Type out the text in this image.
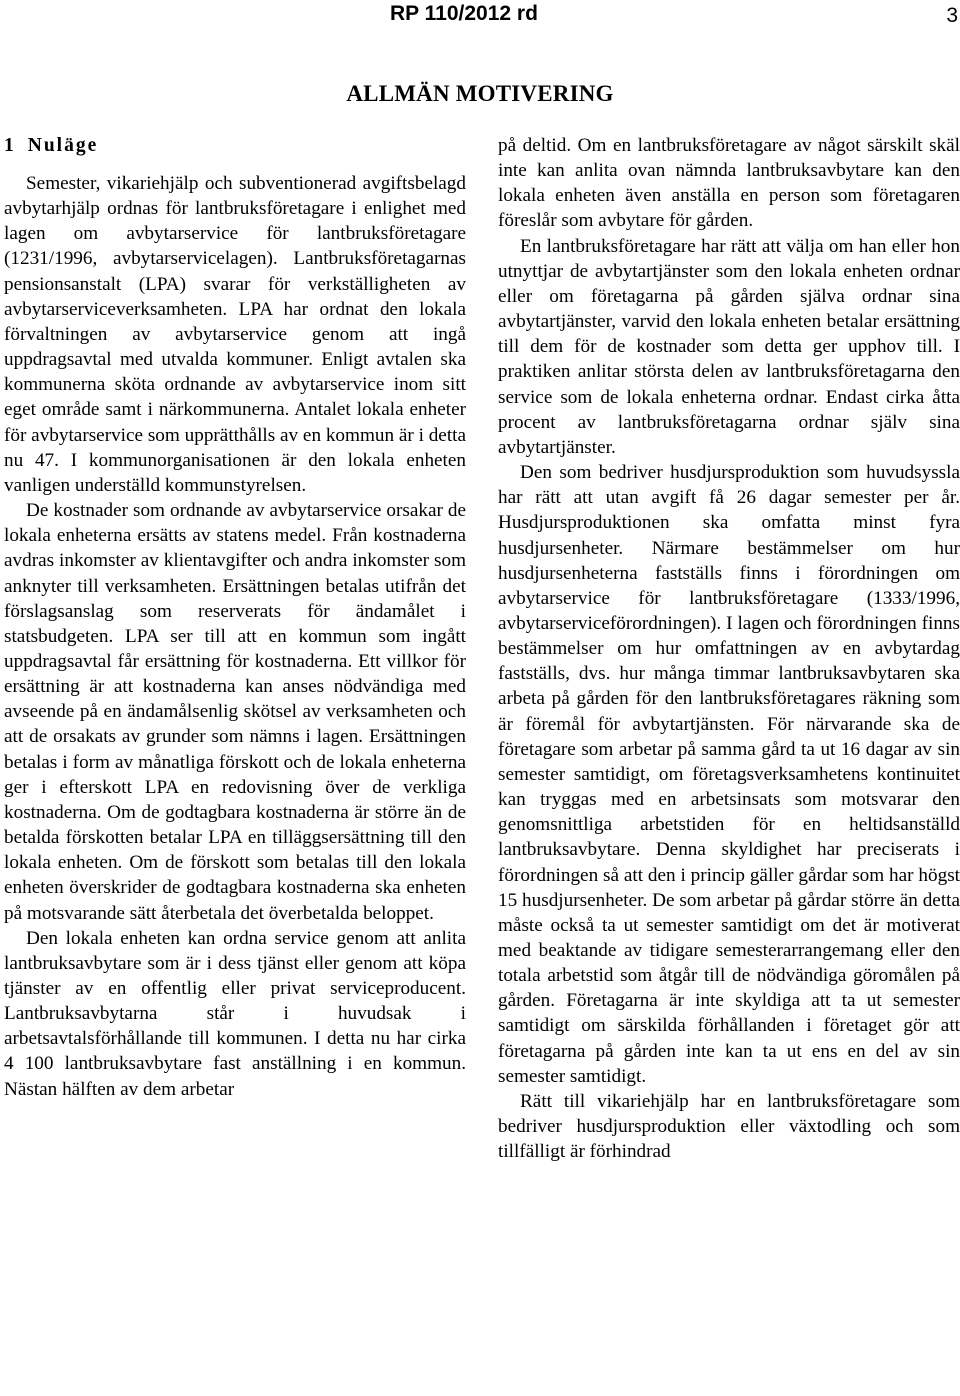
RP 110/2012 rd	3
ALLMÄN MOTIVERING
1 Nuläge

Semester, vikariehjälp och subventionerad avgiftsbelagd avbytarhjälp ordnas för lantbruksföretagare i enlighet med lagen om avbytarservice för lantbruksföretagare (1231/1996, avbytarservicelagen). Lantbruksföretagarnas pensionsanstalt (LPA) svarar för verkställigheten av avbytarserviceverksamheten. LPA har ordnat den lokala förvaltningen av avbytarservice genom att ingå uppdragsavtal med utvalda kommuner. Enligt avtalen ska kommunerna sköta ordnande av avbytarservice inom sitt eget område samt i närkommunerna. Antalet lokala enheter för avbytarservice som upprätthålls av en kommun är i detta nu 47. I kommunorganisationen är den lokala enheten vanligen underställd kommunstyrelsen.

De kostnader som ordnande av avbytarservice orsakar de lokala enheterna ersätts av statens medel. Från kostnaderna avdras inkomster av klientavgifter och andra inkomster som anknyter till verksamheten. Ersättningen betalas utifrån det förslagsanslag som reserverats för ändamålet i statsbudgeten. LPA ser till att en kommun som ingått uppdragsavtal får ersättning för kostnaderna. Ett villkor för ersättning är att kostnaderna kan anses nödvändiga med avseende på en ändamålsenlig skötsel av verksamheten och att de orsakats av grunder som nämns i lagen. Ersättningen betalas i form av månatliga förskott och de lokala enheterna ger i efterskott LPA en redovisning över de verkliga kostnaderna. Om de godtagbara kostnaderna är större än de betalda förskotten betalar LPA en tilläggsersättning till den lokala enheten. Om de förskott som betalas till den lokala enheten överskrider de godtagbara kostnaderna ska enheten på motsvarande sätt återbetala det överbetalda beloppet.

Den lokala enheten kan ordna service genom att anlita lantbruksavbytare som är i dess tjänst eller genom att köpa tjänster av en offentlig eller privat serviceproducent. Lantbruksavbytarna står i huvudsak i arbetsavtalsförhållande till kommunen. I detta nu har cirka 4 100 lantbruksavbytare fast anställning i en kommun. Nästan hälften av dem arbetar

på deltid. Om en lantbruksföretagare av något särskilt skäl inte kan anlita ovan nämnda lantbruksavbytare kan den lokala enheten även anställa en person som företagaren föreslår som avbytare för gården.

En lantbruksföretagare har rätt att välja om han eller hon utnyttjar de avbytartjänster som den lokala enheten ordnar eller om företagarna på gården själva ordnar sina avbytartjänster, varvid den lokala enheten betalar ersättning till dem för de kostnader som detta ger upphov till. I praktiken anlitar största delen av lantbruksföretagarna den service som de lokala enheterna ordnar. Endast cirka åtta procent av lantbruksföretagarna ordnar själv sina avbytartjänster.

Den som bedriver husdjursproduktion som huvudsyssla har rätt att utan avgift få 26 dagar semester per år. Husdjursproduktionen ska omfatta minst fyra husdjursenheter. Närmare bestämmelser om hur husdjursenheterna fastställs finns i förordningen om avbytarservice för lantbruksföretagare (1333/1996, avbytarserviceförordningen). I lagen och förordningen finns bestämmelser om hur omfattningen av en avbytardag fastställs, dvs. hur många timmar lantbruksavbytaren ska arbeta på gården för den lantbruksföretagares räkning som är föremål för avbytartjänsten. För närvarande ska de företagare som arbetar på samma gård ta ut 16 dagar av sin semester samtidigt, om företagsverksamhetens kontinuitet kan tryggas med en arbetsinsats som motsvarar den genomsnittliga arbetstiden för en heltidsanställd lantbruksavbytare. Denna skyldighet har preciserats i förordningen så att den i princip gäller gårdar som har högst 15 husdjursenheter. De som arbetar på gårdar större än detta måste också ta ut semester samtidigt om det är motiverat med beaktande av tidigare semesterarrangemang eller den totala arbetstid som åtgår till de nödvändiga göromålen på gården. Företagarna är inte skyldiga att ta ut semester samtidigt om särskilda förhållanden i företaget gör att företagarna på gården inte kan ta ut ens en del av sin semester samtidigt.

Rätt till vikariehjälp har en lantbruksföretagare som bedriver husdjursproduktion eller växtodling och som tillfälligt är förhindrad
